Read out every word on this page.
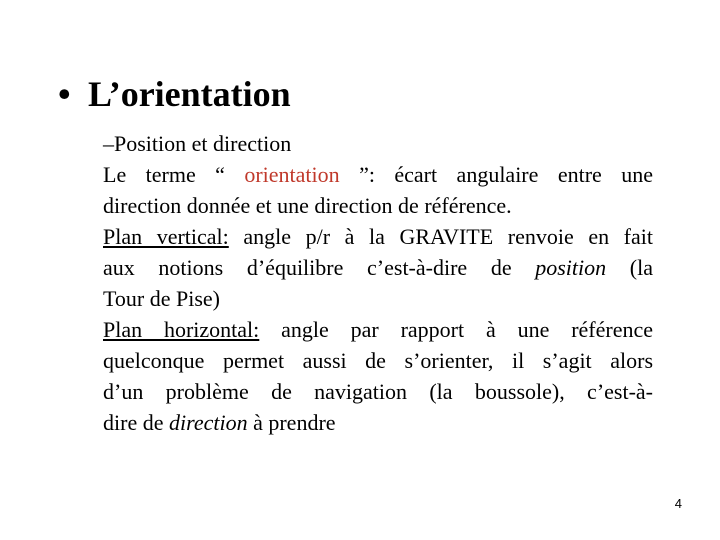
• L’orientation
–Position et direction
Le terme “ orientation ”: écart angulaire entre une
direction donnée et une direction de référence.
Plan vertical: angle p/r à la GRAVITE renvoie en fait
aux notions d’équilibre c’est-à-dire de position (la
Tour de Pise)
Plan horizontal: angle par rapport à une référence
quelconque permet aussi de s’orienter, il s’agit alors
d’un problème de navigation (la boussole), c’est-à-
dire de direction à prendre
4
